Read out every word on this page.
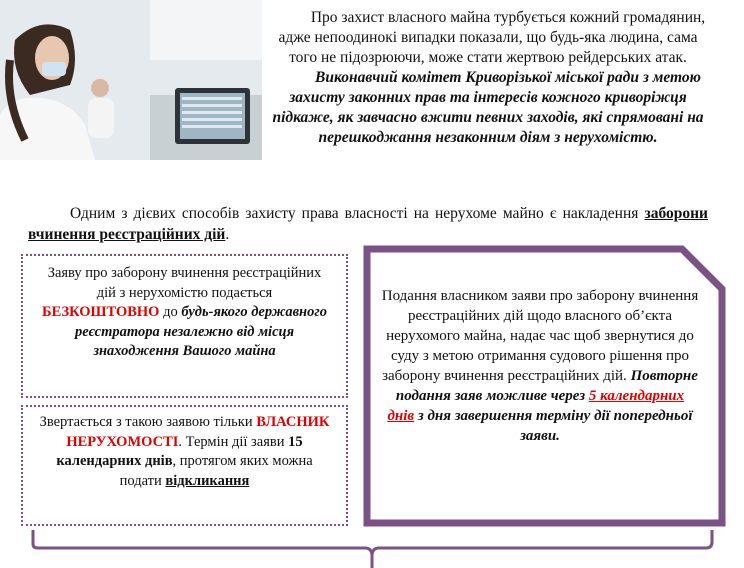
Про захист власного майна турбується кожний громадянин, адже непоодинокі випадки показали, що будь-яка людина, сама того не підозрюючи, може стати жертвою рейдерських атак.

Виконавчий комітет Криворізької міської ради з метою захисту законних прав та інтересів кожного криворіжця підкаже, як завчасно вжити певних заходів, які спрямовані на перешкоджання незаконним діям з нерухомістю.

Одним з дієвих способів захисту права власності на нерухоме майно є накладення заборони вчинення реєстраційних дій.

Заяву про заборону вчинення реєстраційних дій з нерухомістю подається БЕЗКОШТОВНО до будь-якого державного реєстратора незалежно від місця знаходження Вашого майна
Звертається з такою заявою тільки ВЛАСНИК НЕРУХОМОСТІ. Термін дії заяви 15 календарних днів, протягом яких можна подати відкликання
Подання власником заяви про заборону вчинення реєстраційних дій щодо власного об’єкта нерухомого майна, надає час щоб звернутися до суду з метою отримання судового рішення про заборону вчинення реєстраційних дій. Повторне подання заяв можливе через 5 календарних днів з дня завершення терміну дії попередньої заяви.
